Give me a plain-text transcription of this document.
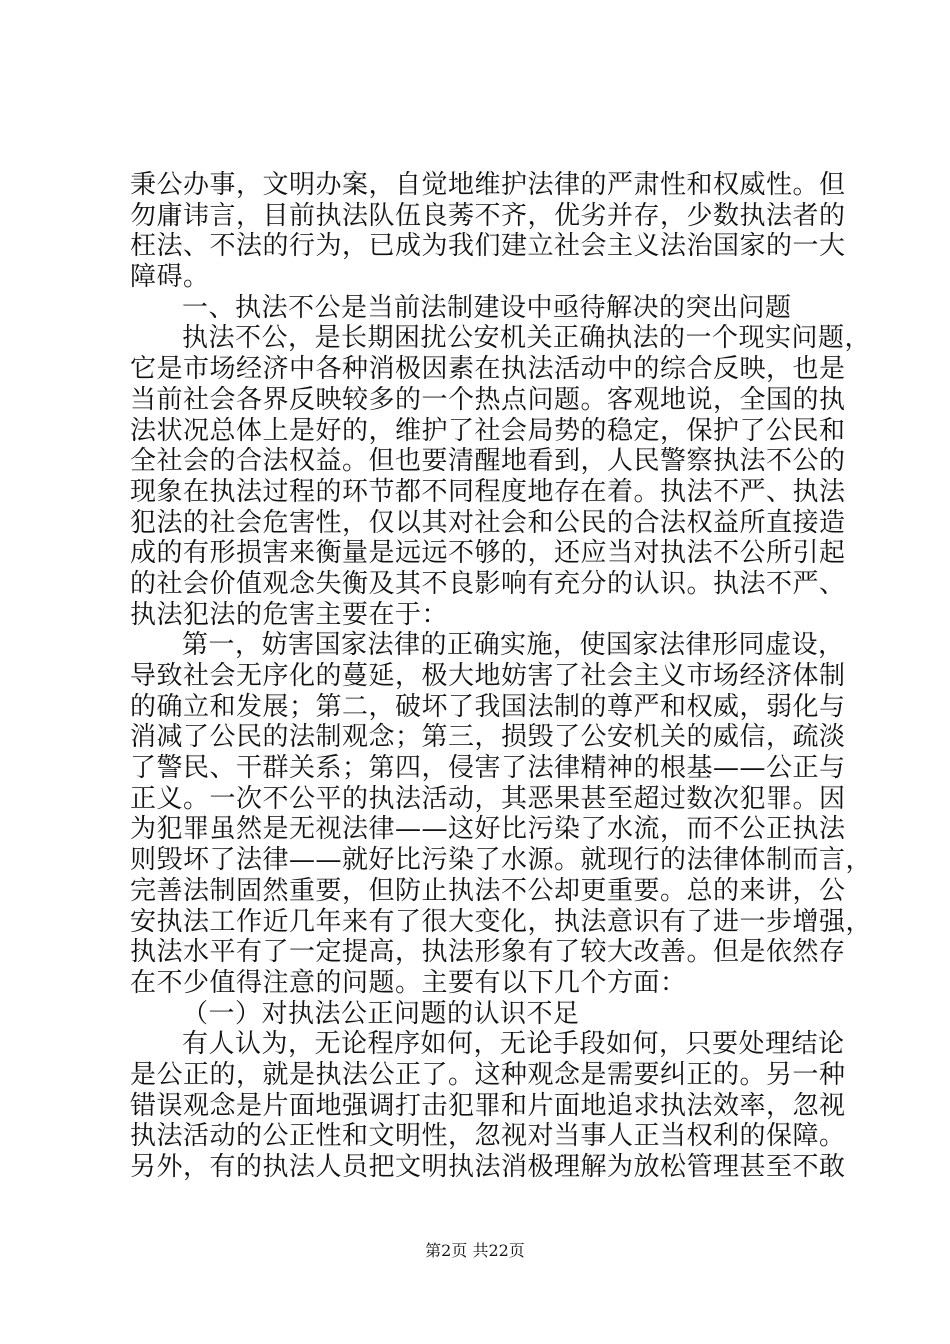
秉公办事，文明办案，自觉地维护法律的严肃性和权威性。但
勿庸讳言，目前执法队伍良莠不齐，优劣并存，少数执法者的
枉法、不法的行为，已成为我们建立社会主义法治国家的一大
障碍。
一、执法不公是当前法制建设中亟待解决的突出问题
执法不公，是长期困扰公安机关正确执法的一个现实问题，
它是市场经济中各种消极因素在执法活动中的综合反映，也是
当前社会各界反映较多的一个热点问题。客观地说，全国的执
法状况总体上是好的，维护了社会局势的稳定，保护了公民和
全社会的合法权益。但也要清醒地看到，人民警察执法不公的
现象在执法过程的环节都不同程度地存在着。执法不严、执法
犯法的社会危害性，仅以其对社会和公民的合法权益所直接造
成的有形损害来衡量是远远不够的，还应当对执法不公所引起
的社会价值观念失衡及其不良影响有充分的认识。执法不严、
执法犯法的危害主要在于：
第一，妨害国家法律的正确实施，使国家法律形同虚设，
导致社会无序化的蔓延，极大地妨害了社会主义市场经济体制
的确立和发展；第二，破坏了我国法制的尊严和权威，弱化与
消减了公民的法制观念；第三，损毁了公安机关的威信，疏淡
了警民、干群关系；第四，侵害了法律精神的根基——公正与
正义。一次不公平的执法活动，其恶果甚至超过数次犯罪。因
为犯罪虽然是无视法律——这好比污染了水流，而不公正执法
则毁坏了法律——就好比污染了水源。就现行的法律体制而言，
完善法制固然重要，但防止执法不公却更重要。总的来讲，公
安执法工作近几年来有了很大变化，执法意识有了进一步增强，
执法水平有了一定提高，执法形象有了较大改善。但是依然存
在不少值得注意的问题。主要有以下几个方面：
（一）对执法公正问题的认识不足
有人认为，无论程序如何，无论手段如何，只要处理结论
是公正的，就是执法公正了。这种观念是需要纠正的。另一种
错误观念是片面地强调打击犯罪和片面地追求执法效率，忽视
执法活动的公正性和文明性，忽视对当事人正当权利的保障。
另外，有的执法人员把文明执法消极理解为放松管理甚至不敢
第2页 共22页
